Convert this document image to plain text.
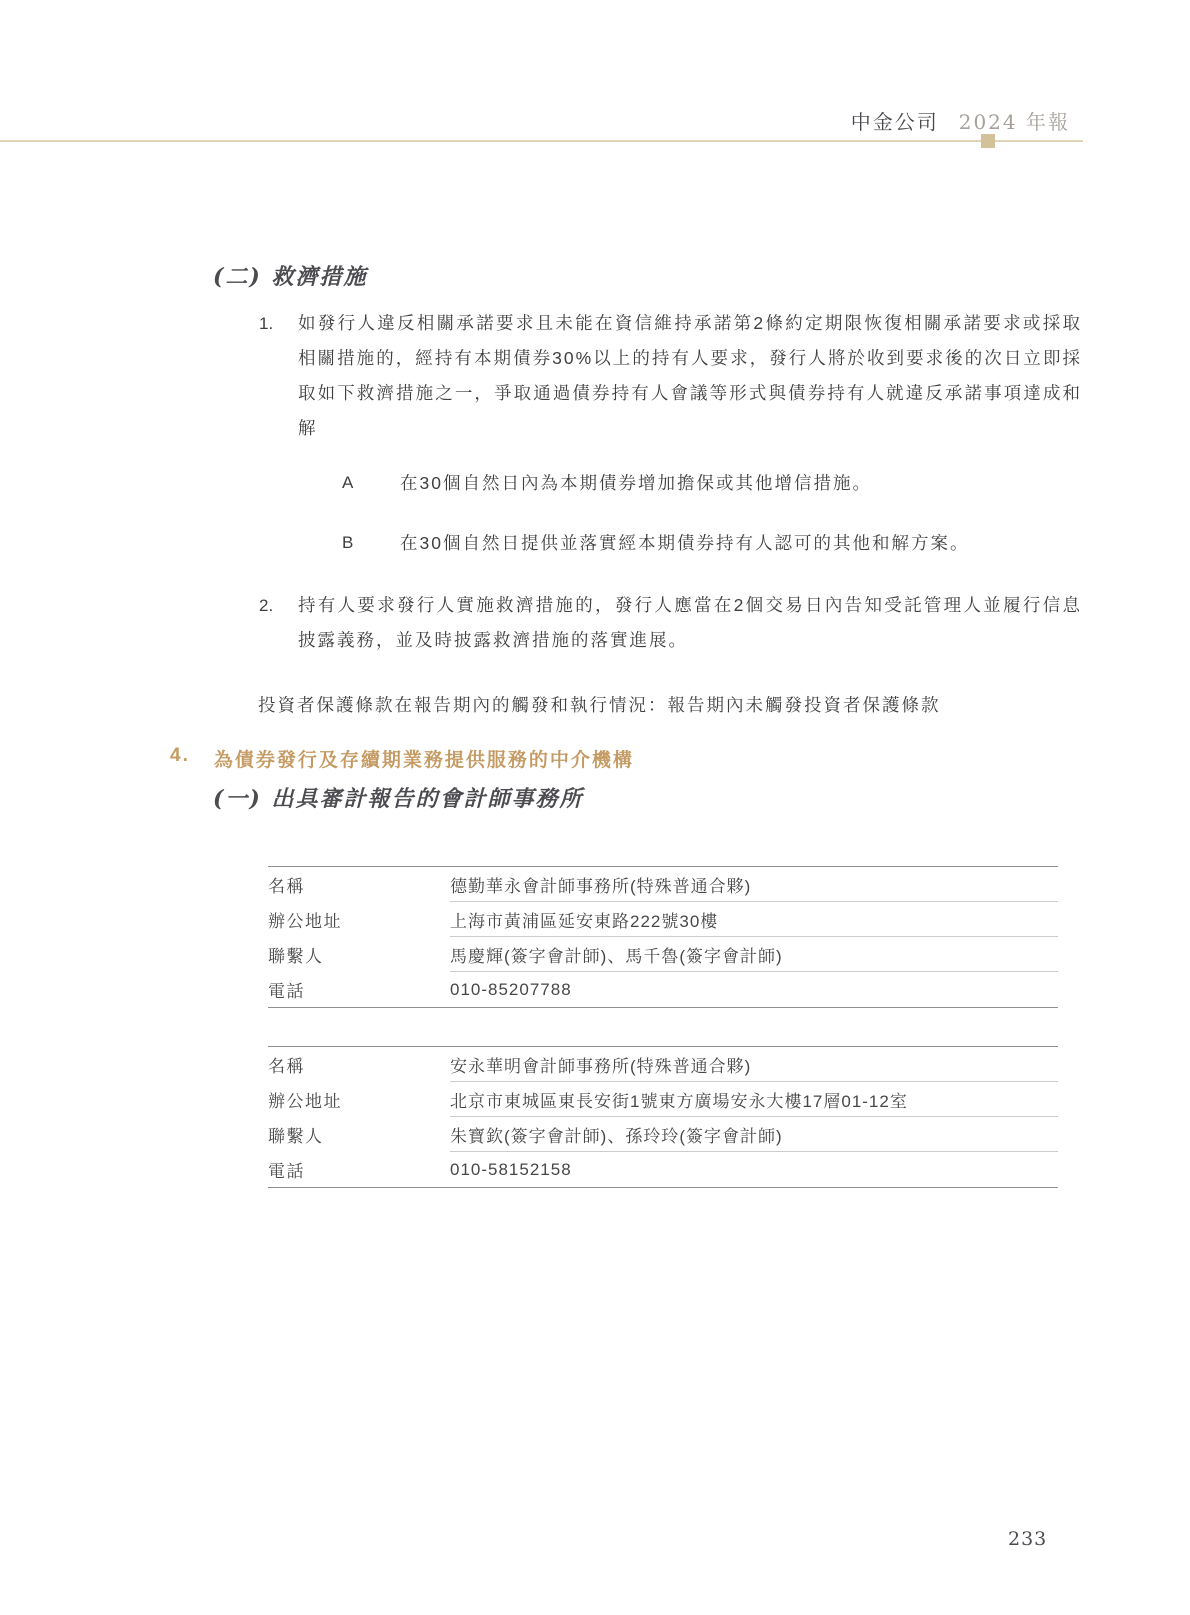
中金公司 2024 年報
(二) 救濟措施
1.	如發行人違反相關承諾要求且未能在資信維持承諾第2條約定期限恢復相關承諾要求或採取相關措施的，經持有本期債券30%以上的持有人要求，發行人將於收到要求後的次日立即採取如下救濟措施之一，爭取通過債券持有人會議等形式與債券持有人就違反承諾事項達成和解

A	在30個自然日內為本期債券增加擔保或其他增信措施。

B	在30個自然日提供並落實經本期債券持有人認可的其他和解方案。

2.	持有人要求發行人實施救濟措施的，發行人應當在2個交易日內告知受託管理人並履行信息披露義務，並及時披露救濟措施的落實進展。

投資者保護條款在報告期內的觸發和執行情況：報告期內未觸發投資者保護條款

4. 為債券發行及存續期業務提供服務的中介機構
(一) 出具審計報告的會計師事務所
名稱	德勤華永會計師事務所(特殊普通合夥)
辦公地址	上海市黃浦區延安東路222號30樓
聯繫人	馬慶輝(簽字會計師)、馬千魯(簽字會計師)
電話	010-85207788
名稱	安永華明會計師事務所(特殊普通合夥)
辦公地址	北京市東城區東長安街1號東方廣場安永大樓17層01-12室
聯繫人	朱寶欽(簽字會計師)、孫玲玲(簽字會計師)
電話	010-58152158
233
